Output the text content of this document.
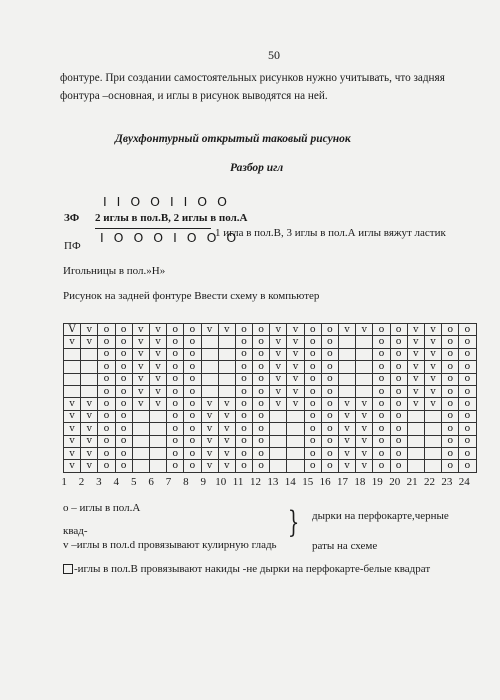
50
фонтуре. При создании самостоятельных рисунков нужно учитывать, что задняя
фонтура –основная, и иглы в рисунок выводятся на ней.
Двухфонтурный открытый таковый рисунок
Разбор игл
I I O O I I O O
ЗФ 2 иглы в пол.В, 2 иглы в пол.А
I O O O I O O O
1 игла в пол.В, 3 иглы в пол.А иглы вяжут ластик
ПФ
Игольницы в пол.»Н»
Рисунок на задней фонтуре Ввести схему в компьютер
V	v	o	o	v	v	o	o	v	v	o	o	v	v	o	o	v	v	o	o	v	v	o	o
v	v	o	o	v	v	o	o			o	o	v	v	o	o			o	o	v	v	o	o
		o	o	v	v	o	o			o	o	v	v	o	o			o	o	v	v	o	o
		o	o	v	v	o	o			o	o	v	v	o	o			o	o	v	v	o	o
		o	o	v	v	o	o			o	o	v	v	o	o			o	o	v	v	o	o
		o	o	v	v	o	o			o	o	v	v	o	o			o	o	v	v	o	o
v	v	o	o	v	v	o	o	v	v	o	o	v	v	o	o	v	v	o	o	v	v	o	o
v	v	o	o			o	o	v	v	o	o			o	o	v	v	o	o			o	o
v	v	o	o			o	o	v	v	o	o			o	o	v	v	o	o			o	o
v	v	o	o			o	o	v	v	o	o			o	o	v	v	o	o			o	o
v	v	o	o			o	o	v	v	o	o			o	o	v	v	o	o			o	o
v	v	o	o			o	o	v	v	o	o			o	o	v	v	o	o			o	o
1	2	3	4	5	6	7	8	9 10 11 12 13 14 15 16 17 18 19 20 21 22 23 24
о – иглы в пол.А
квад-
v –иглы в пол.d провязывают кулирную гладь
} дырки на перфокарте,черные
раты на схеме
-иглы в пол.В провязывают накиды -не дырки на перфокарте-белые квадрат
